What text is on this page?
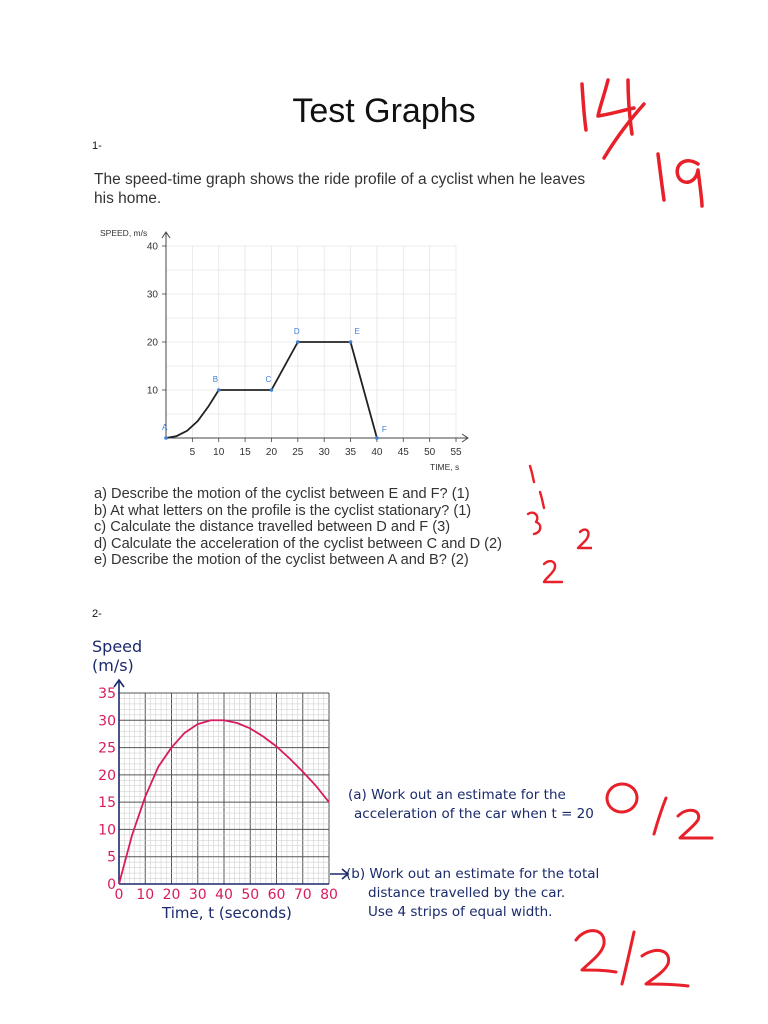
Test Graphs
1-
The speed-time graph shows the ride profile of a cyclist when he leaves his home.
5 10 15 20 25 30 35 40 45 50 55
10
20
30
40
A
B	C
D	E
F
SPEED, m/s
TIME, s
a) Describe the motion of the cyclist between E and F? (1)
b) At what letters on the profile is the cyclist stationary? (1)
c) Calculate the distance travelled between D and F (3)
d) Calculate the acceleration of the cyclist between C and D (2)
e) Describe the motion of the cyclist between A and B? (2)
2-
0
5
10
15
20
25
30
35
0 10 20 30 40 50 60 70 80
Speed
(m/s)
Time, t (seconds)
(a) Work out an estimate for the
acceleration of the car when t = 20
(b) Work out an estimate for the total
distance travelled by the car.
Use 4 strips of equal width.
